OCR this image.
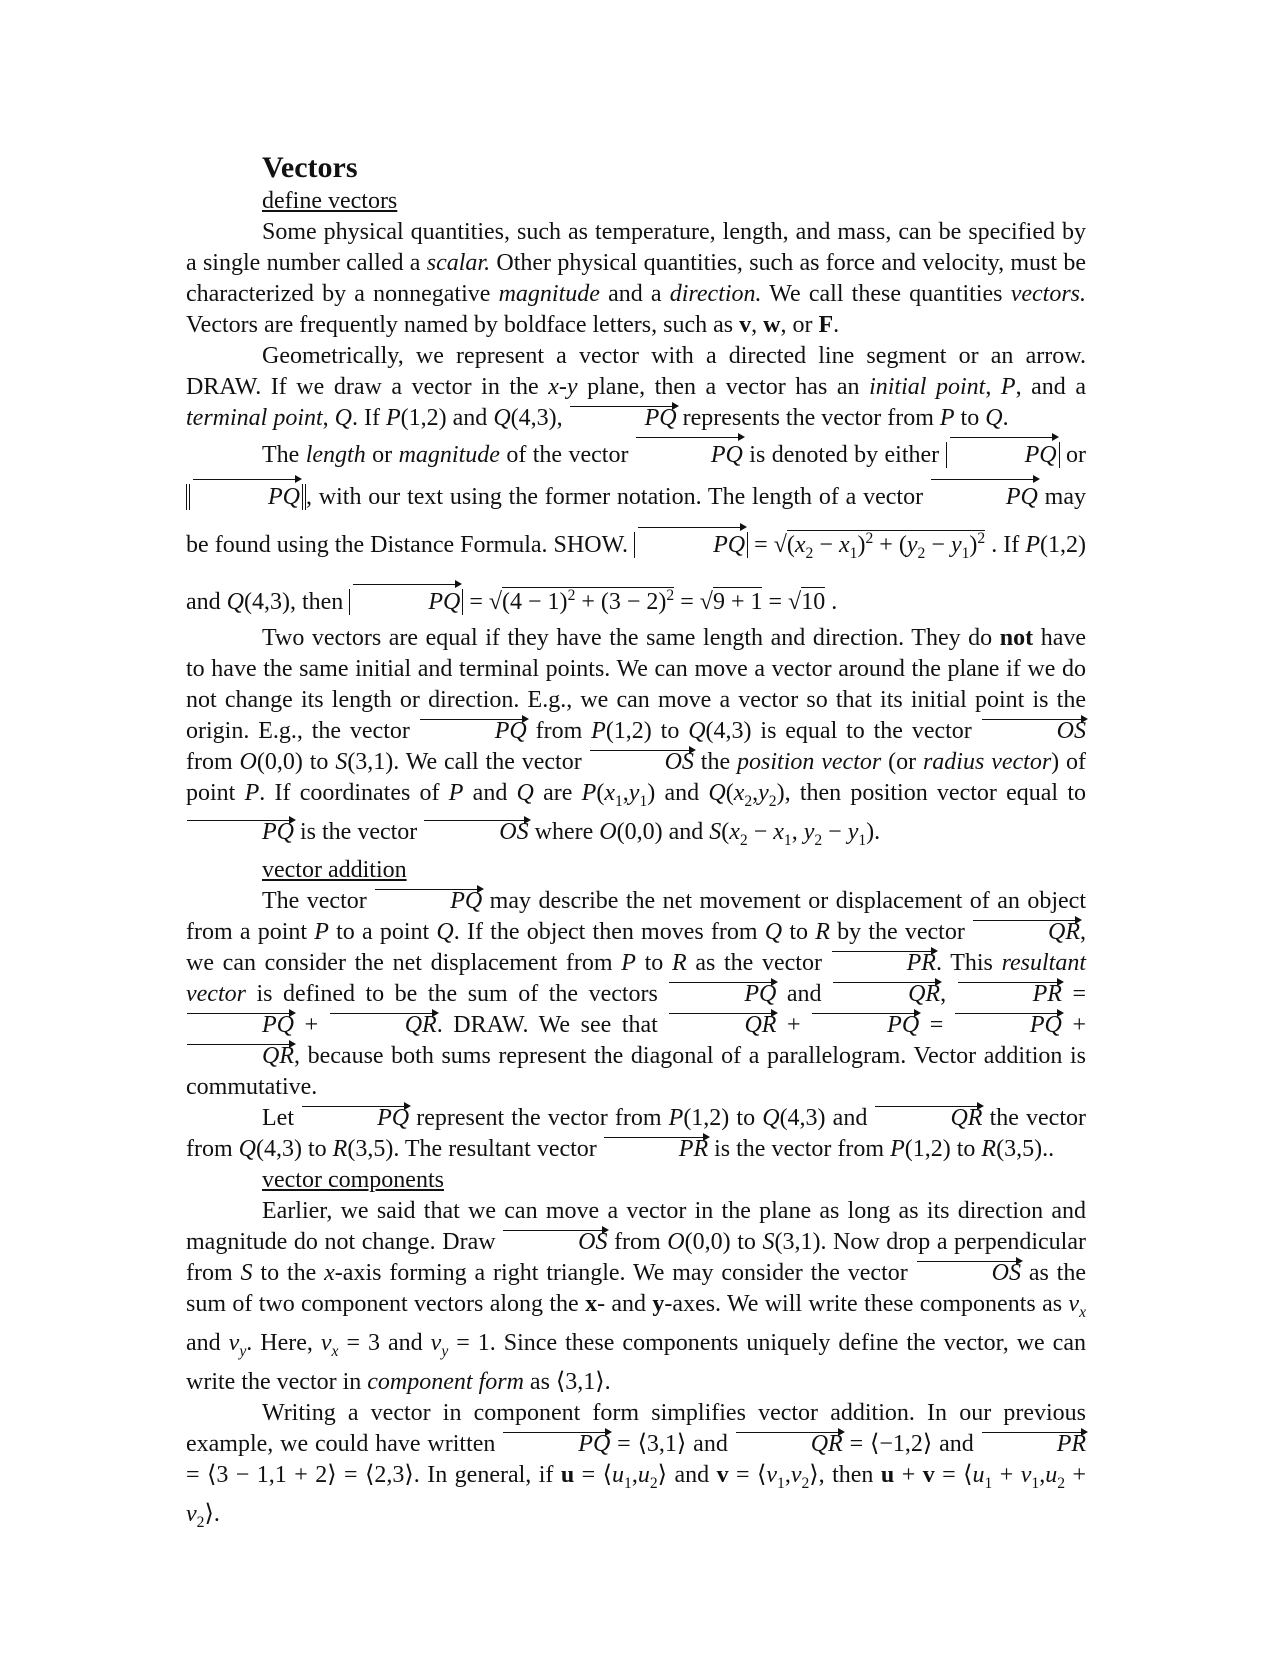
Vectors
define vectors

Some physical quantities, such as temperature, length, and mass, can be specified by a single number called a scalar. Other physical quantities, such as force and velocity, must be characterized by a nonnegative magnitude and a direction. We call these quantities vectors. Vectors are frequently named by boldface letters, such as v, w, or F.

Geometrically, we represent a vector with a directed line segment or an arrow. DRAW. If we draw a vector in the x-y plane, then a vector has an initial point, P, and a terminal point, Q. If P(1,2) and Q(4,3),	PQ represents the vector from P to Q.

The length or magnitude of the vector	PQ is denoted by either	PQ or PQ , with our text using the former notation. The length of a vector	PQ may be found using the Distance Formula. SHOW.	PQ = $√(x_2 - x_1)^2 + (y_2 - y_1)^2$ . If P(1,2) and Q(4,3), then	PQ = $√(4 - 1)^2 + (3 - 2)^2 = √9 + 1 = √10$ .

Two vectors are equal if they have the same length and direction. They do not have to have the same initial and terminal points. We can move a vector around the plane if we do not change its length or direction. E.g., we can move a vector so that its initial point is the origin. E.g., the vector	PQ from P(1,2) to Q(4,3) is equal to the vector	OS from O(0,0) to S(3,1). We call the vector	OS the position vector (or radius vector) of point P. If coordinates of P and Q are $P(x_1,y_1)$ and $Q(x_2,y_2)$, then position vector equal to PQ is the vector	OS where O(0,0) and $S(x_2 - x_1$, $y_2 - y_1$).

vector addition

The vector	PQ may describe the net movement or displacement of an object from a point P to a point Q. If the object then moves from Q to R by the vector	QR, we can consider the net displacement from P to R as the vector	PR. This resultant vector is defined to be the sum of the vectors	PQ and	QR,	PR = PQ +	QR. DRAW. We see that	QR +	PQ =	PQ + QR, because both sums represent the diagonal of a parallelogram. Vector addition is commutative.

Let	PQ represent the vector from P(1,2) to Q(4,3) and	QR the vector from Q(4,3) to R(3,5). The resultant vector	PR is the vector from P(1,2) to R(3,5)..

vector components

Earlier, we said that we can move a vector in the plane as long as its direction and magnitude do not change. Draw	OS from O(0,0) to S(3,1). Now drop a perpendicular from S to the x-axis forming a right triangle. We may consider the vector	OS as the sum of two component vectors along the x- and y-axes. We will write these components as $v_x$ and $v_y$. Here, $v_x = 3$ and $v_y = 1$. Since these components uniquely define the vector, we can write the vector in component form as ⟨3,1⟩.

Writing a vector in component form simplifies vector addition. In our previous example, we could have written	PQ = ⟨3,1⟩ and	QR = ⟨−1,2⟩ and	PR = ⟨3 − 1,1 + 2⟩ = ⟨2,3⟩. In general, if $u = ⟨u_1,u_2⟩$ and $v = ⟨v_1,v_2⟩$, then $u + v = ⟨u_1 + v_1,u_2$ + $v_2⟩$.
